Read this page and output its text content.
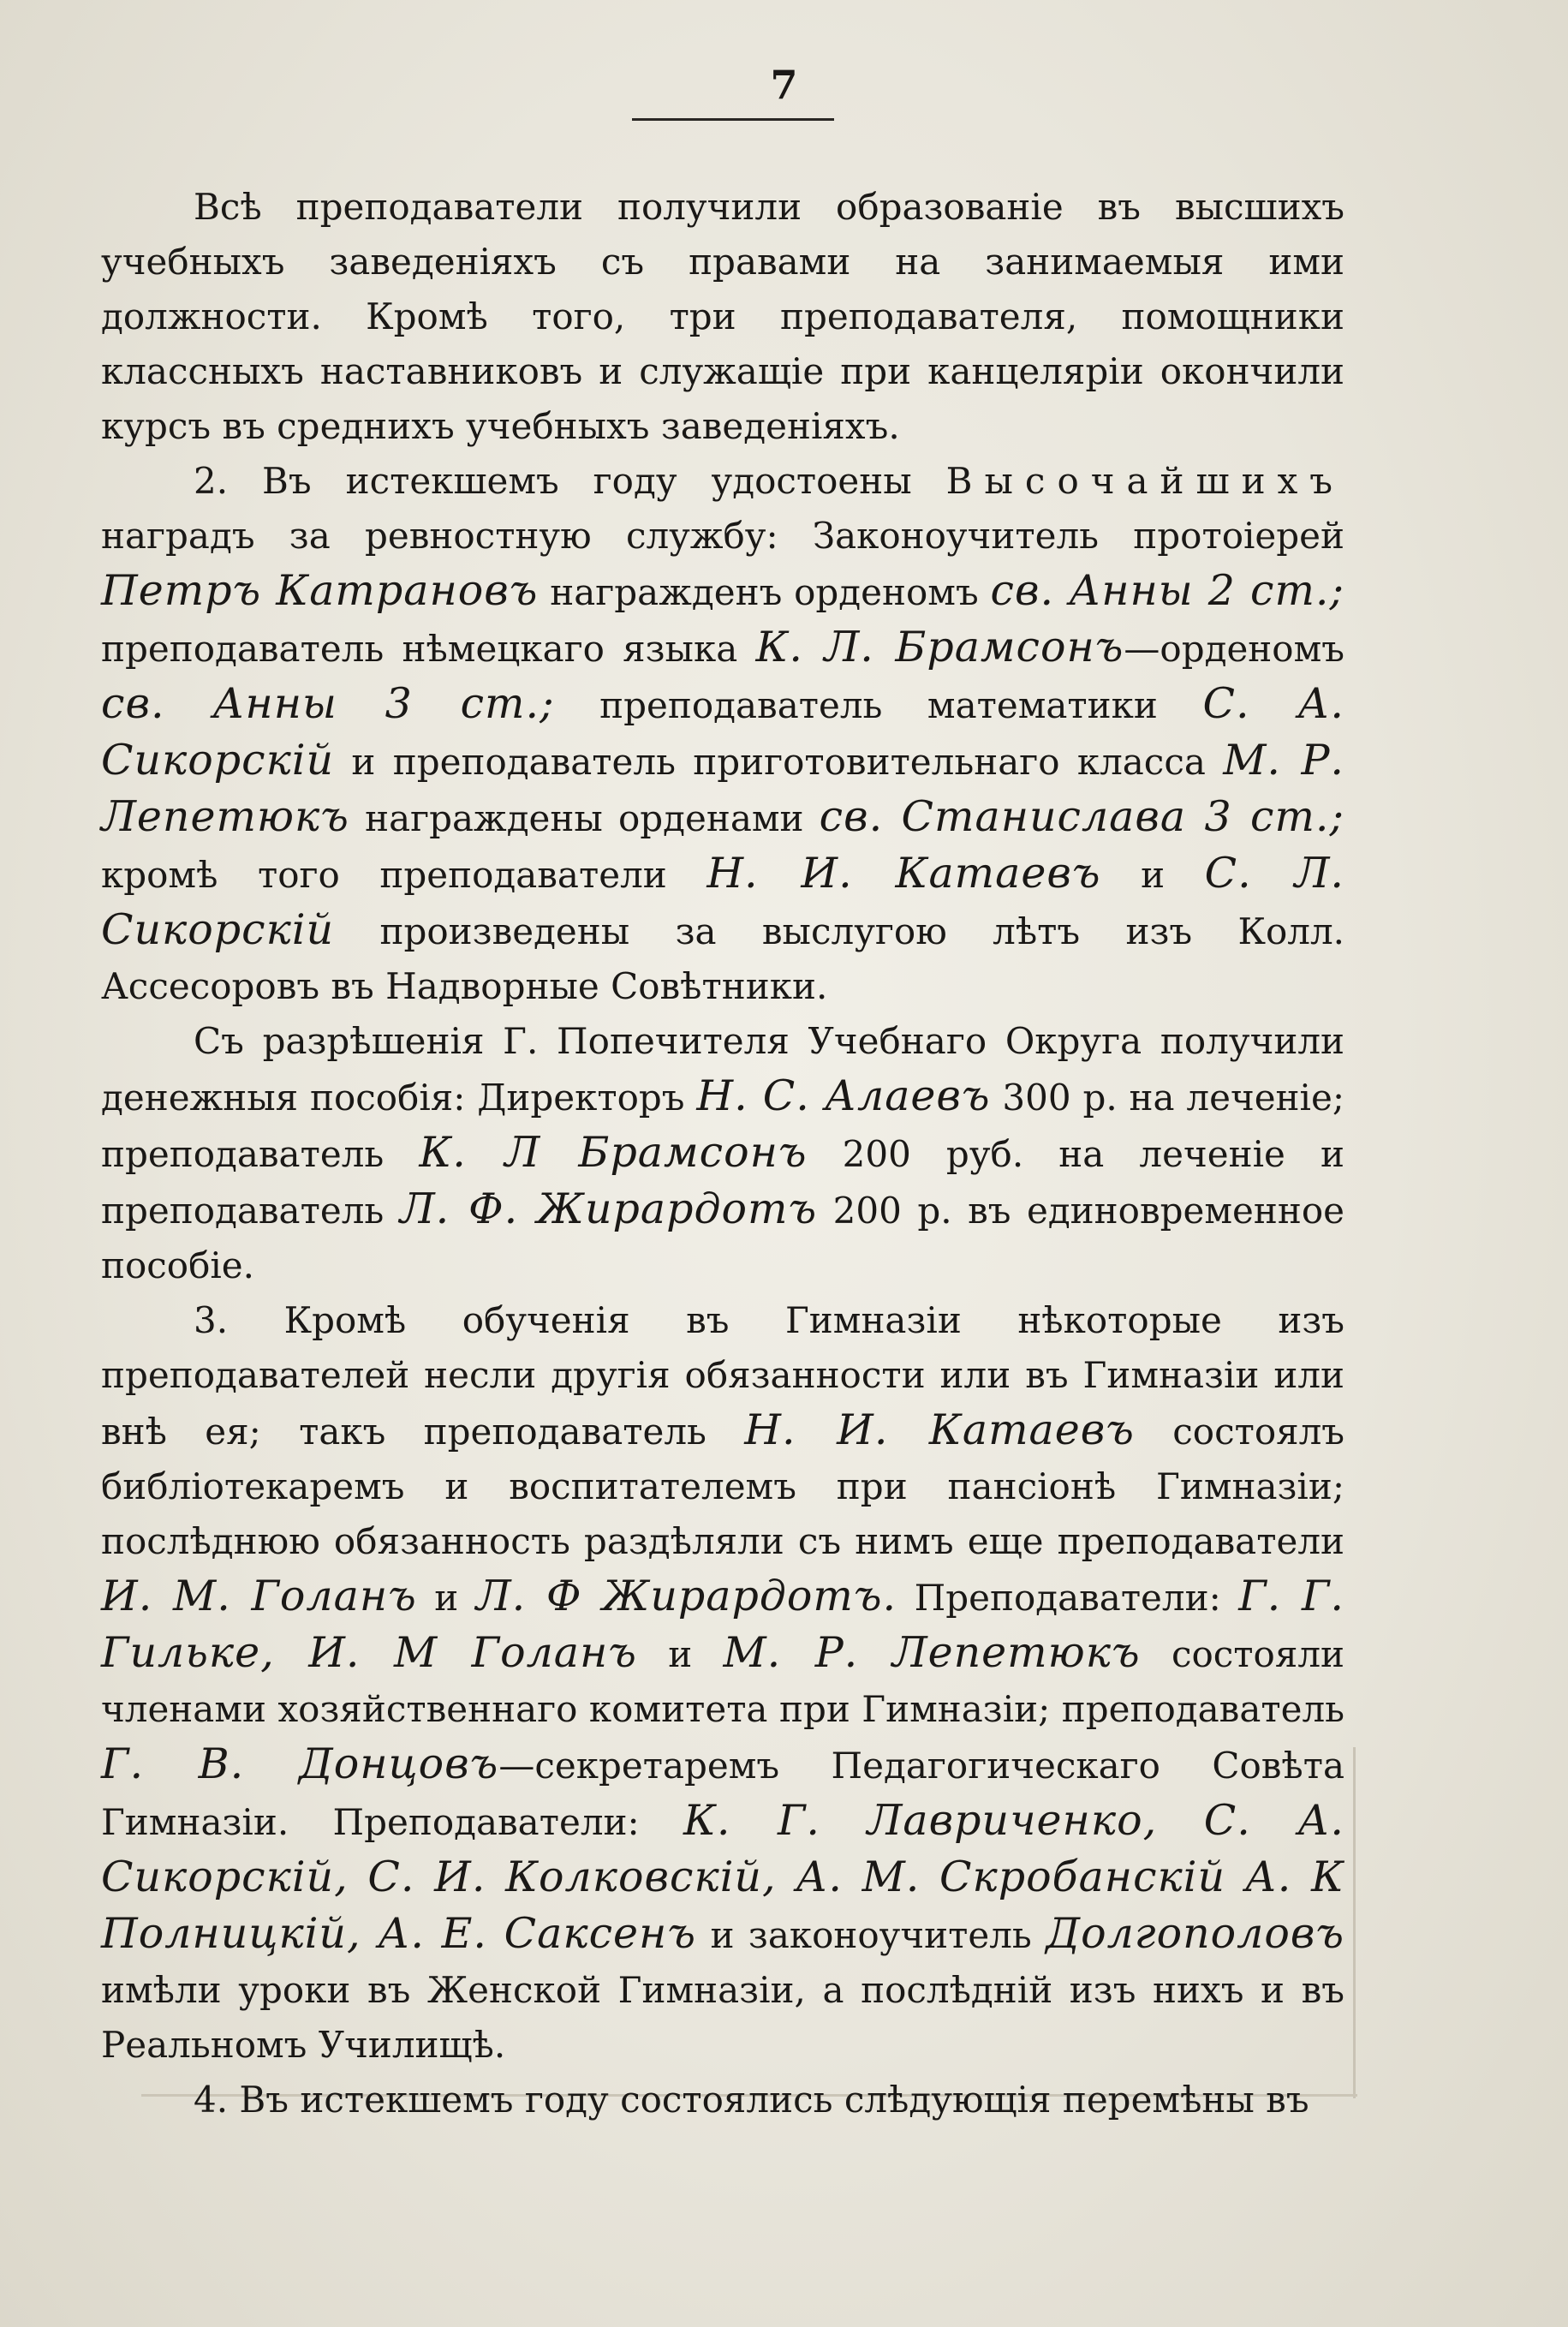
7

Всѣ преподаватели получили образованіе въ высшихъ учебныхъ заведеніяхъ съ правами на занимаемыя ими должности. Кромѣ того, три преподавателя, помощники классныхъ наставниковъ и служащіе при канцеляріи окончили курсъ въ среднихъ учебныхъ заведеніяхъ.

2. Въ истекшемъ году удостоены Высочайшихъ наградъ за ревностную службу: Законоучитель протоіерей Петръ Катрановъ награжденъ орденомъ св. Анны 2 ст.; преподаватель нѣмецкаго языка К. Л. Брамсонъ—орденомъ св. Анны 3 ст.; преподаватель математики С. А. Сикорскій и преподаватель приготовительнаго класса М. Р. Лепетюкъ награждены орденами св. Станислава 3 ст.; кромѣ того преподаватели Н. И. Катаевъ и С. Л. Сикорскій произведены за выслугою лѣтъ изъ Колл. Ассесоровъ въ Надворные Совѣтники.

Съ разрѣшенія Г. Попечителя Учебнаго Округа получили денежныя пособія: Директоръ Н. С. Алаевъ 300 р. на леченіе; преподаватель К. Л Брамсонъ 200 руб. на леченіе и преподаватель Л. Ф. Жирардотъ 200 р. въ единовременное пособіе.

3. Кромѣ обученія въ Гимназіи нѣкоторые изъ преподавателей несли другія обязанности или въ Гимназіи или внѣ ея; такъ преподаватель Н. И. Катаевъ состоялъ библіотекаремъ и воспитателемъ при пансіонѣ Гимназіи; послѣднюю обязанность раздѣляли съ нимъ еще преподаватели И. М. Голанъ и Л. Ф Жирардотъ. Преподаватели: Г. Г. Гильке, И. М Голанъ и М. Р. Лепетюкъ состояли членами хозяйственнаго комитета при Гимназіи; преподаватель Г. В. Донцовъ—секретаремъ Педагогическаго Совѣта Гимназіи. Преподаватели: К. Г. Лавриченко, С. А. Сикорскій, С. И. Колковскій, А. М. Скробанскій А. К Полницкій, А. Е. Саксенъ и законоучитель Долгополовъ имѣли уроки въ Женской Гимназіи, а послѣдній изъ нихъ и въ Реальномъ Училищѣ.

4. Въ истекшемъ году состоялись слѣдующія перемѣны въ
